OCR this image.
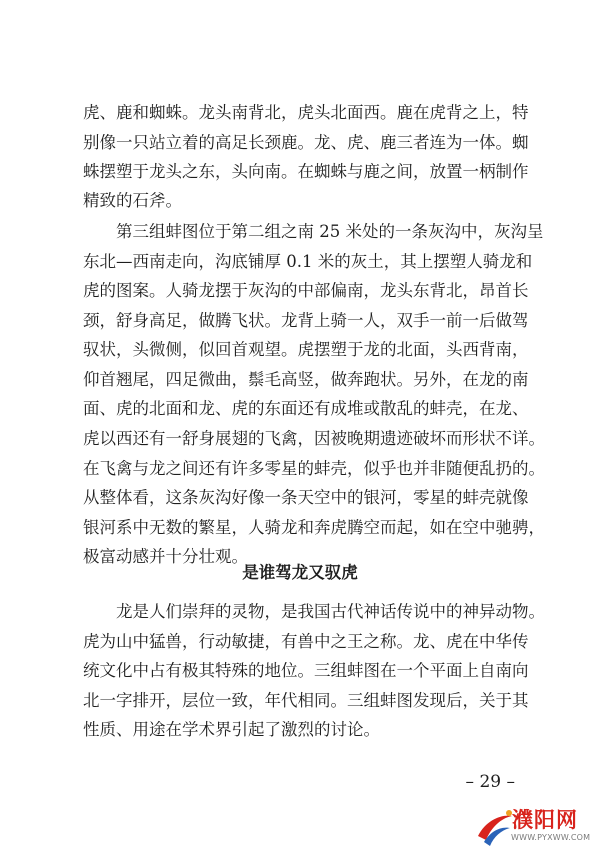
虎、鹿和蜘蛛。龙头南背北，虎头北面西。鹿在虎背之上，特
别像一只站立着的高足长颈鹿。龙、虎、鹿三者连为一体。蜘
蛛摆塑于龙头之东，头向南。在蜘蛛与鹿之间，放置一柄制作
精致的石斧。
　　第三组蚌图位于第二组之南 25 米处的一条灰沟中，灰沟呈
东北—西南走向，沟底铺厚 0.1 米的灰土，其上摆塑人骑龙和
虎的图案。人骑龙摆于灰沟的中部偏南，龙头东背北，昂首长
颈，舒身高足，做腾飞状。龙背上骑一人，双手一前一后做驾
驭状，头微侧，似回首观望。虎摆塑于龙的北面，头西背南，
仰首翘尾，四足微曲，鬃毛高竖，做奔跑状。另外，在龙的南
面、虎的北面和龙、虎的东面还有成堆或散乱的蚌壳，在龙、
虎以西还有一舒身展翅的飞禽，因被晚期遗迹破坏而形状不详。
在飞禽与龙之间还有许多零星的蚌壳，似乎也并非随便乱扔的。
从整体看，这条灰沟好像一条天空中的银河，零星的蚌壳就像
银河系中无数的繁星，人骑龙和奔虎腾空而起，如在空中驰骋，
极富动感并十分壮观。
是谁驾龙又驭虎
　　龙是人们崇拜的灵物，是我国古代神话传说中的神异动物。
虎为山中猛兽，行动敏捷，有兽中之王之称。龙、虎在中华传
统文化中占有极其特殊的地位。三组蚌图在一个平面上自南向
北一字排开，层位一致，年代相同。三组蚌图发现后，关于其
性质、用途在学术界引起了激烈的讨论。
– 29 –
濮阳网
WWW.PYXWW.COM
